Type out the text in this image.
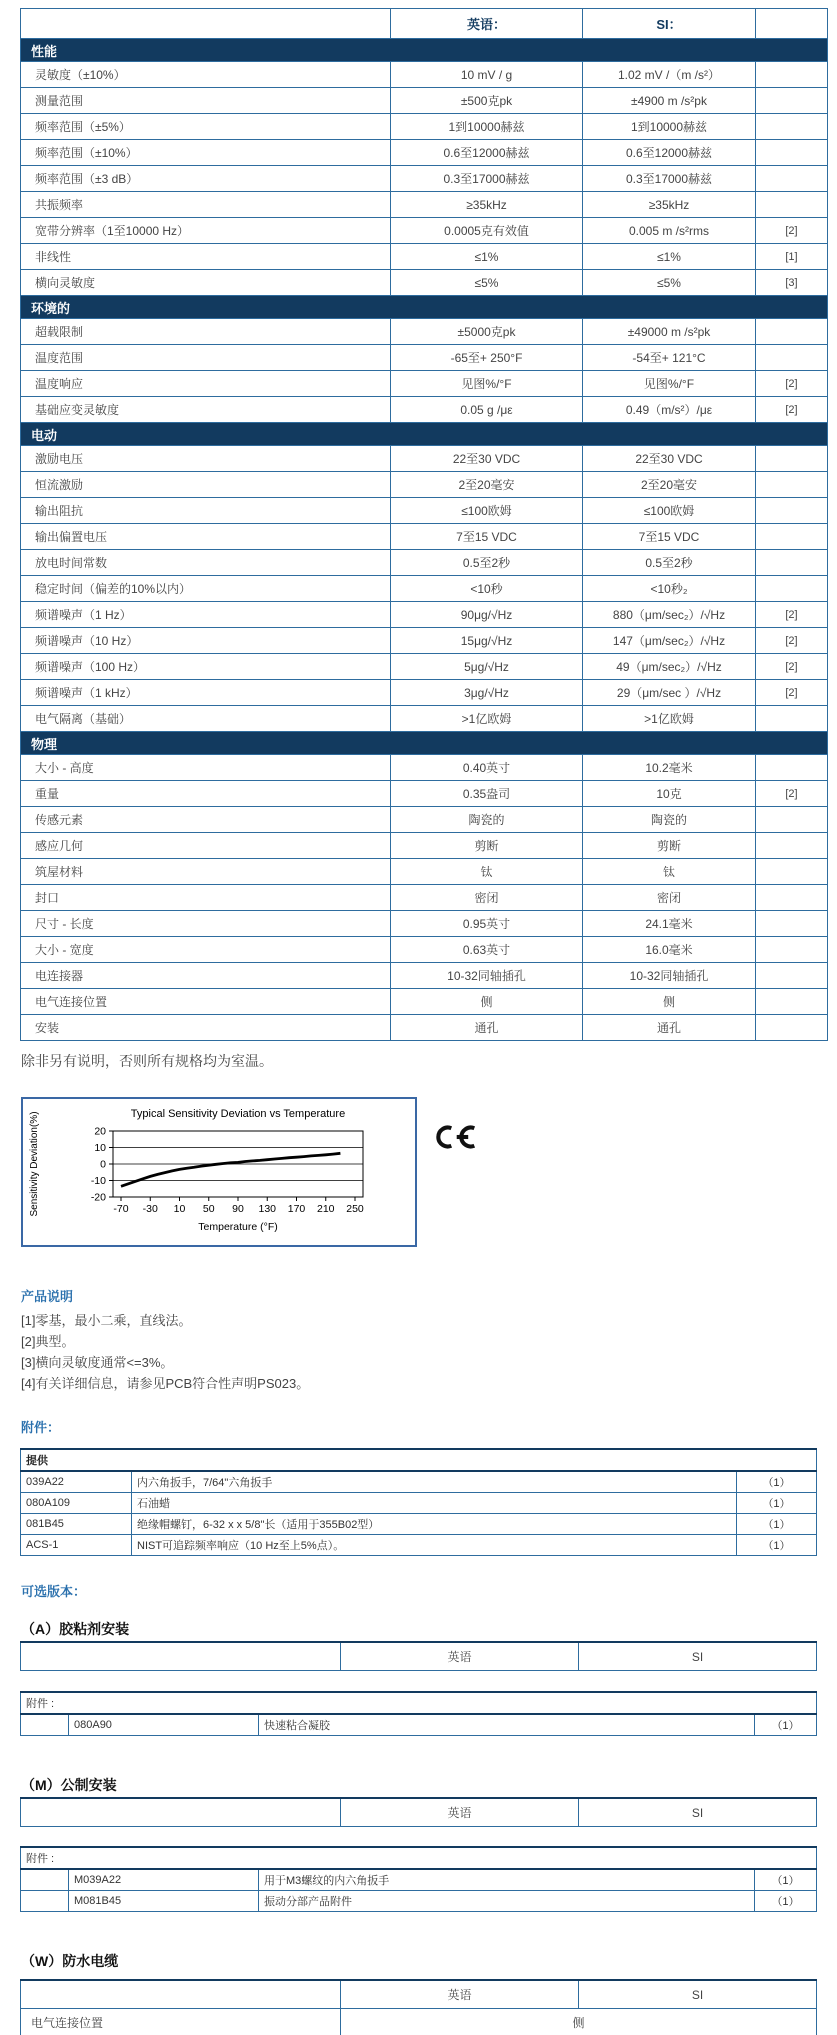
	英语：	SI：	
性能			
灵敏度（±10%）	10 mV / g	1.02 mV /（m /s²）	
测量范围	±500克pk	±4900 m /s²pk	
频率范围（±5%）	1到10000赫兹	1到10000赫兹	
频率范围（±10%）	0.6至12000赫兹	0.6至12000赫兹	
频率范围（±3 dB）	0.3至17000赫兹	0.3至17000赫兹	
共振频率	≥35kHz	≥35kHz	
宽带分辨率（1至10000 Hz）	0.0005克有效值	0.005 m /s²rms	[2]
非线性	≤1%	≤1%	[1]
横向灵敏度	≤5%	≤5%	[3]
环境的			
超载限制	±5000克pk	±49000 m /s²pk	
温度范围	-65至+ 250°F	-54至+ 121°C	
温度响应	见图%/°F	见图%/°F	[2]
基础应变灵敏度	0.05 g /με	0.49（m/s²）/με	[2]
电动			
激励电压	22至30 VDC	22至30 VDC	
恒流激励	2至20毫安	2至20毫安	
输出阻抗	≤100欧姆	≤100欧姆	
输出偏置电压	7至15 VDC	7至15 VDC	
放电时间常数	0.5至2秒	0.5至2秒	
稳定时间（偏差的10%以内）	<10秒	<10秒₂	
频谱噪声（1 Hz）	90μg/√Hz	880（μm/sec₂）/√Hz	[2]
频谱噪声（10 Hz）	15μg/√Hz	147（μm/sec₂）/√Hz	[2]
频谱噪声（100 Hz）	5μg/√Hz	49（μm/sec₂）/√Hz	[2]
频谱噪声（1 kHz）	3μg/√Hz	29（μm/sec ）/√Hz	[2]
电气隔离（基础）	>1亿欧姆	>1亿欧姆	
物理			
大小 - 高度	0.40英寸	10.2毫米	
重量	0.35盎司	10克	[2]
传感元素	陶瓷的	陶瓷的	
感应几何	剪断	剪断	
筑屋材料	钛	钛	
封口	密闭	密闭	
尺寸 - 长度	0.95英寸	24.1毫米	
大小 - 宽度	0.63英寸	16.0毫米	
电连接器	10-32同轴插孔	10-32同轴插孔	
电气连接位置	侧	侧	
安装	通孔	通孔	
除非另有说明，否则所有规格均为室温。
20
10
0
-10
-20
-70 -30 10 50 90 130 170 210 250
Typical Sensitivity Deviation vs Temperature
Temperature (°F)
Sensitivity Deviation(%)
产品说明
[1]零基，最小二乘，直线法。
[2]典型。
[3]横向灵敏度通常<=3%。
[4]有关详细信息，请参见PCB符合性声明PS023。
附件：
提供		
039A22	内六角扳手，7/64"六角扳手	（1）
080A109	石油蜡	（1）
081B45	绝缘帽螺钉，6-32 x x 5/8"长（适用于355B02型）	（1）
ACS-1	NIST可追踪频率响应（10 Hz至上5%点）。	（1）
可选版本：
（A）胶粘剂安装
	英语	SI
附件 :
	080A90	快速粘合凝胶	（1）
（M）公制安装
	英语	SI
附件 :			
	M039A22	用于M3螺纹的内六角扳手	（1）
	M081B45	振动分部产品附件	（1）
（W）防水电缆
	英语	SI
电气连接位置	侧	
